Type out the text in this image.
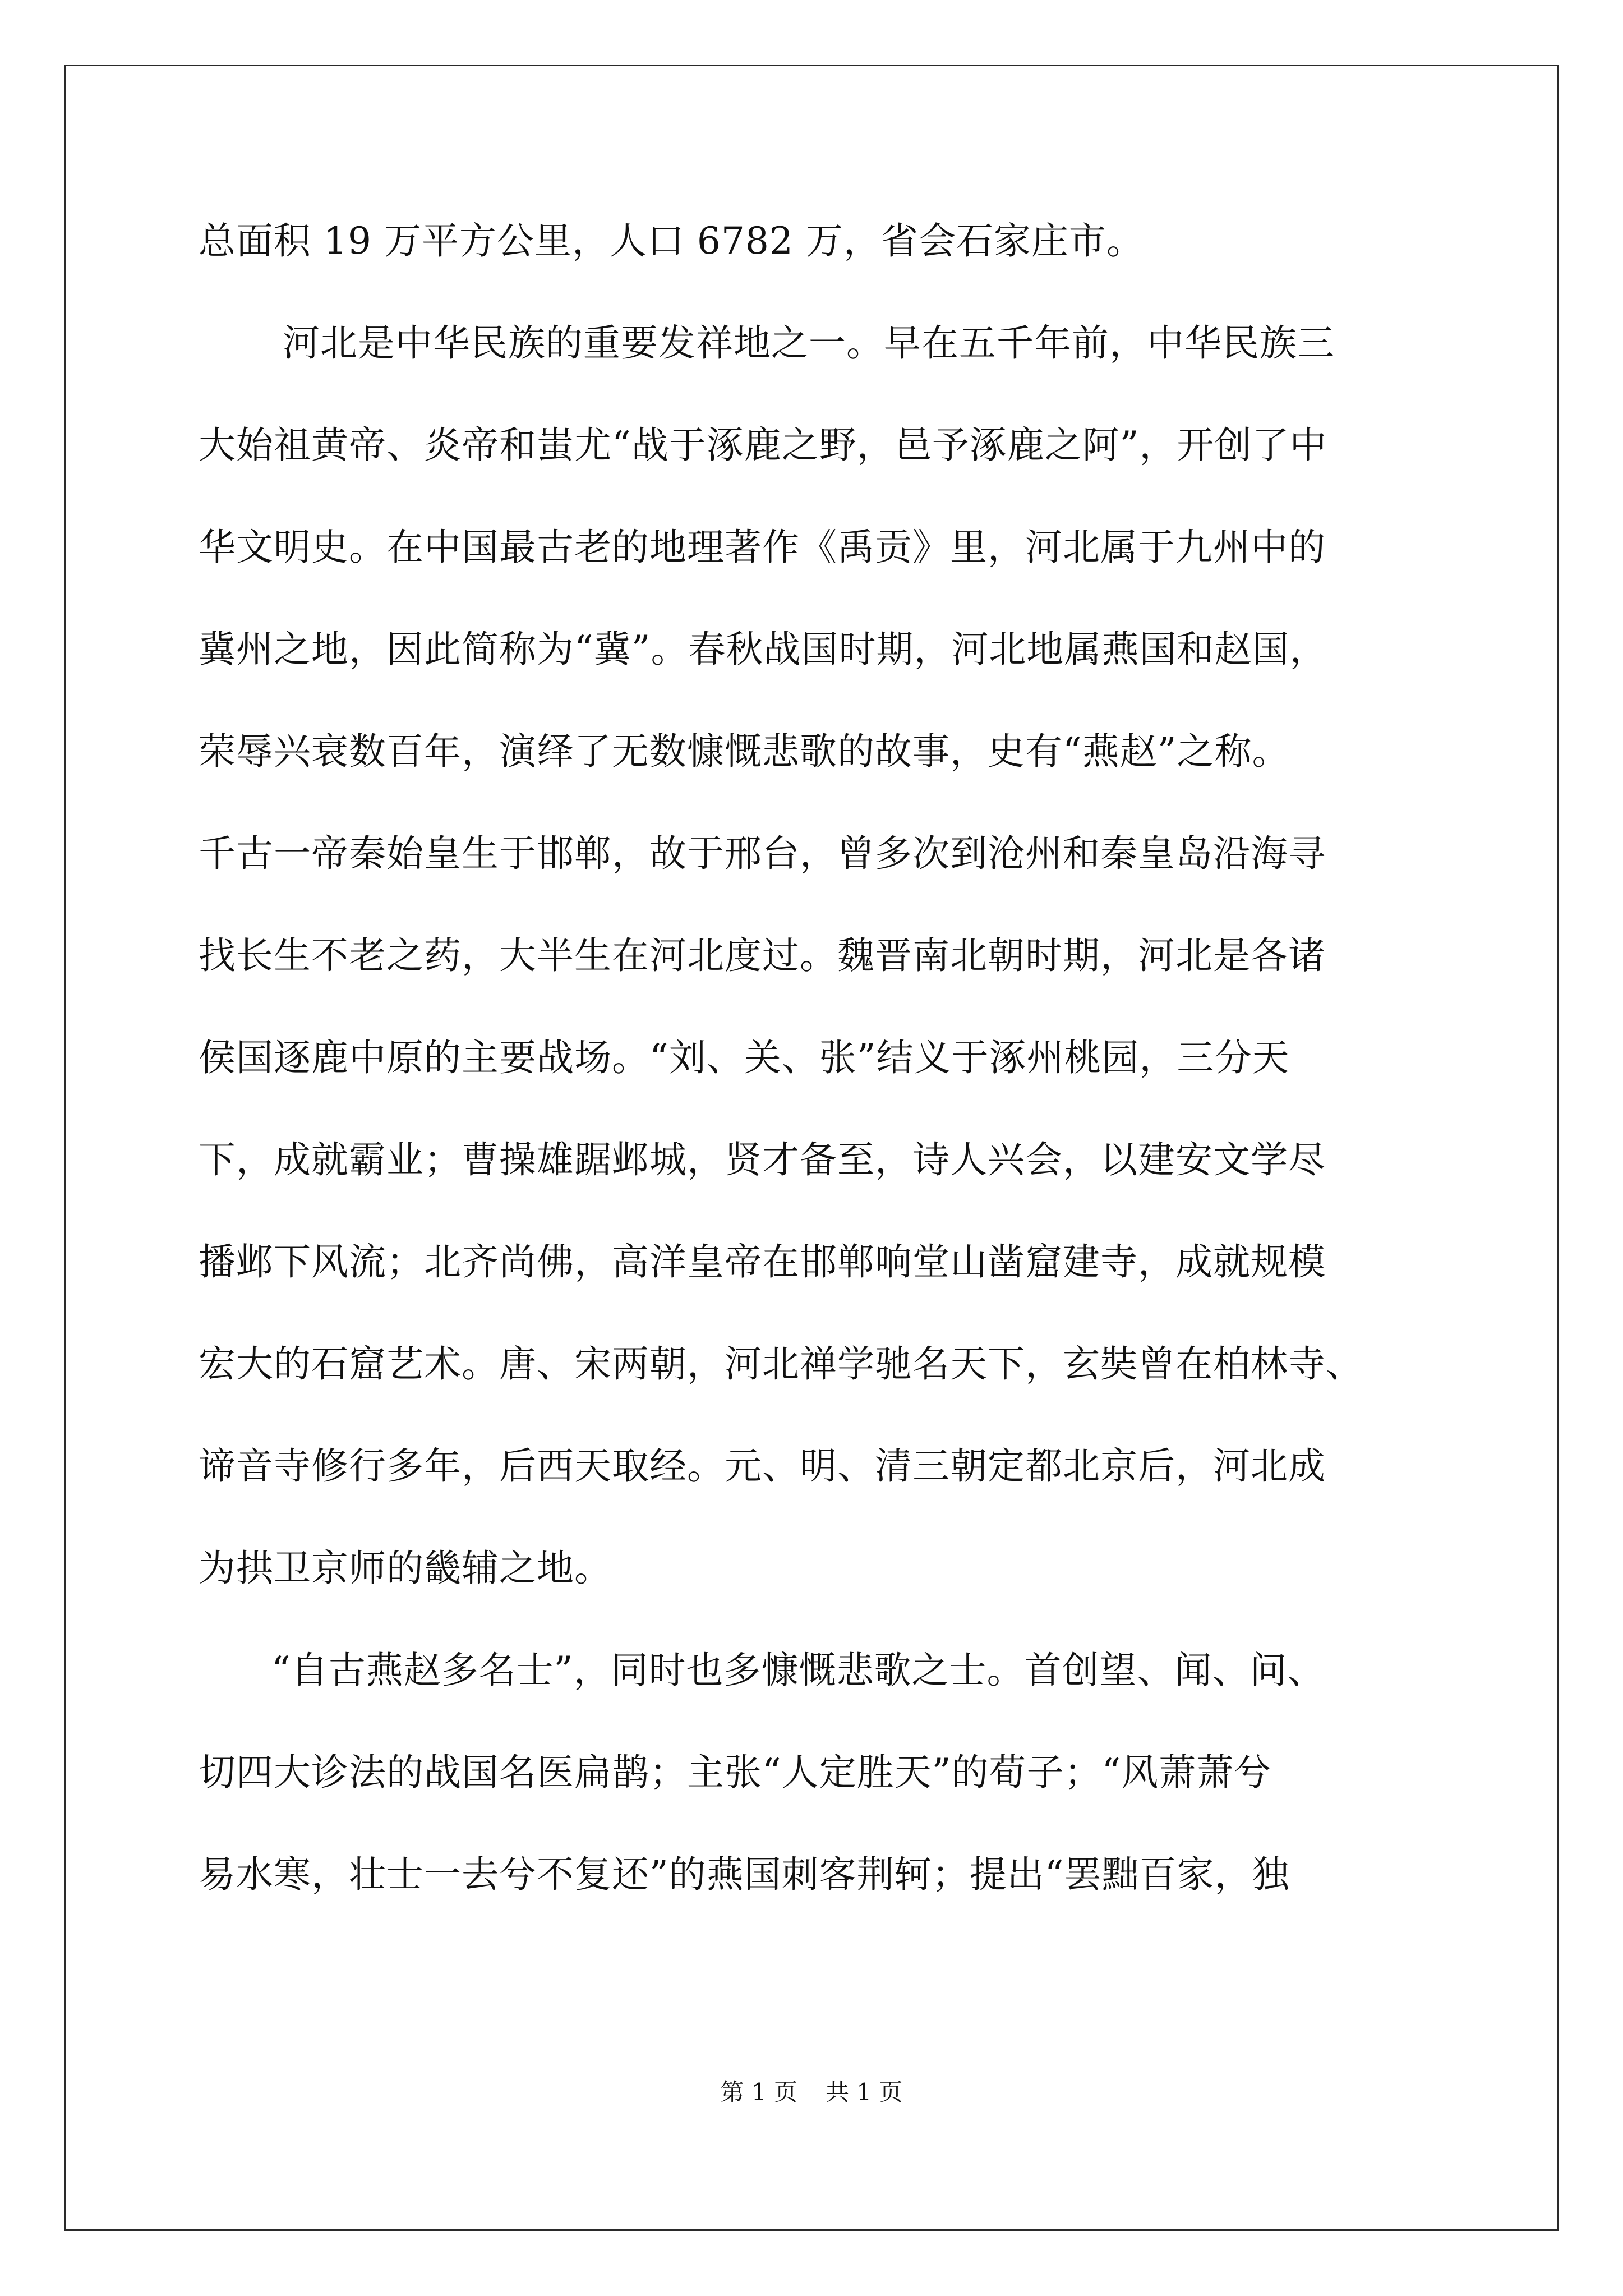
总面积 19 万平方公里，人口 6782 万，省会石家庄市。
河北是中华民族的重要发祥地之一。早在五千年前，中华民族三
大始祖黄帝、炎帝和蚩尤“战于涿鹿之野，邑予涿鹿之阿”，开创了中
华文明史。在中国最古老的地理著作《禹贡》里，河北属于九州中的
冀州之地，因此简称为“冀”。春秋战国时期，河北地属燕国和赵国，
荣辱兴衰数百年，演绎了无数慷慨悲歌的故事，史有“燕赵”之称。
千古一帝秦始皇生于邯郸，故于邢台，曾多次到沧州和秦皇岛沿海寻
找长生不老之药，大半生在河北度过。魏晋南北朝时期，河北是各诸
侯国逐鹿中原的主要战场。“刘、关、张”结义于涿州桃园，三分天
下，成就霸业；曹操雄踞邺城，贤才备至，诗人兴会，以建安文学尽
播邺下风流；北齐尚佛，高洋皇帝在邯郸响堂山凿窟建寺，成就规模
宏大的石窟艺术。唐、宋两朝，河北禅学驰名天下，玄奘曾在柏林寺、
谛音寺修行多年，后西天取经。元、明、清三朝定都北京后，河北成
为拱卫京师的畿辅之地。
“自古燕赵多名士”，同时也多慷慨悲歌之士。首创望、闻、问、
切四大诊法的战国名医扁鹊；主张“人定胜天”的荀子；“风萧萧兮
易水寒，壮士一去兮不复还”的燕国刺客荆轲；提出“罢黜百家，独
第 1 页 共 1 页
